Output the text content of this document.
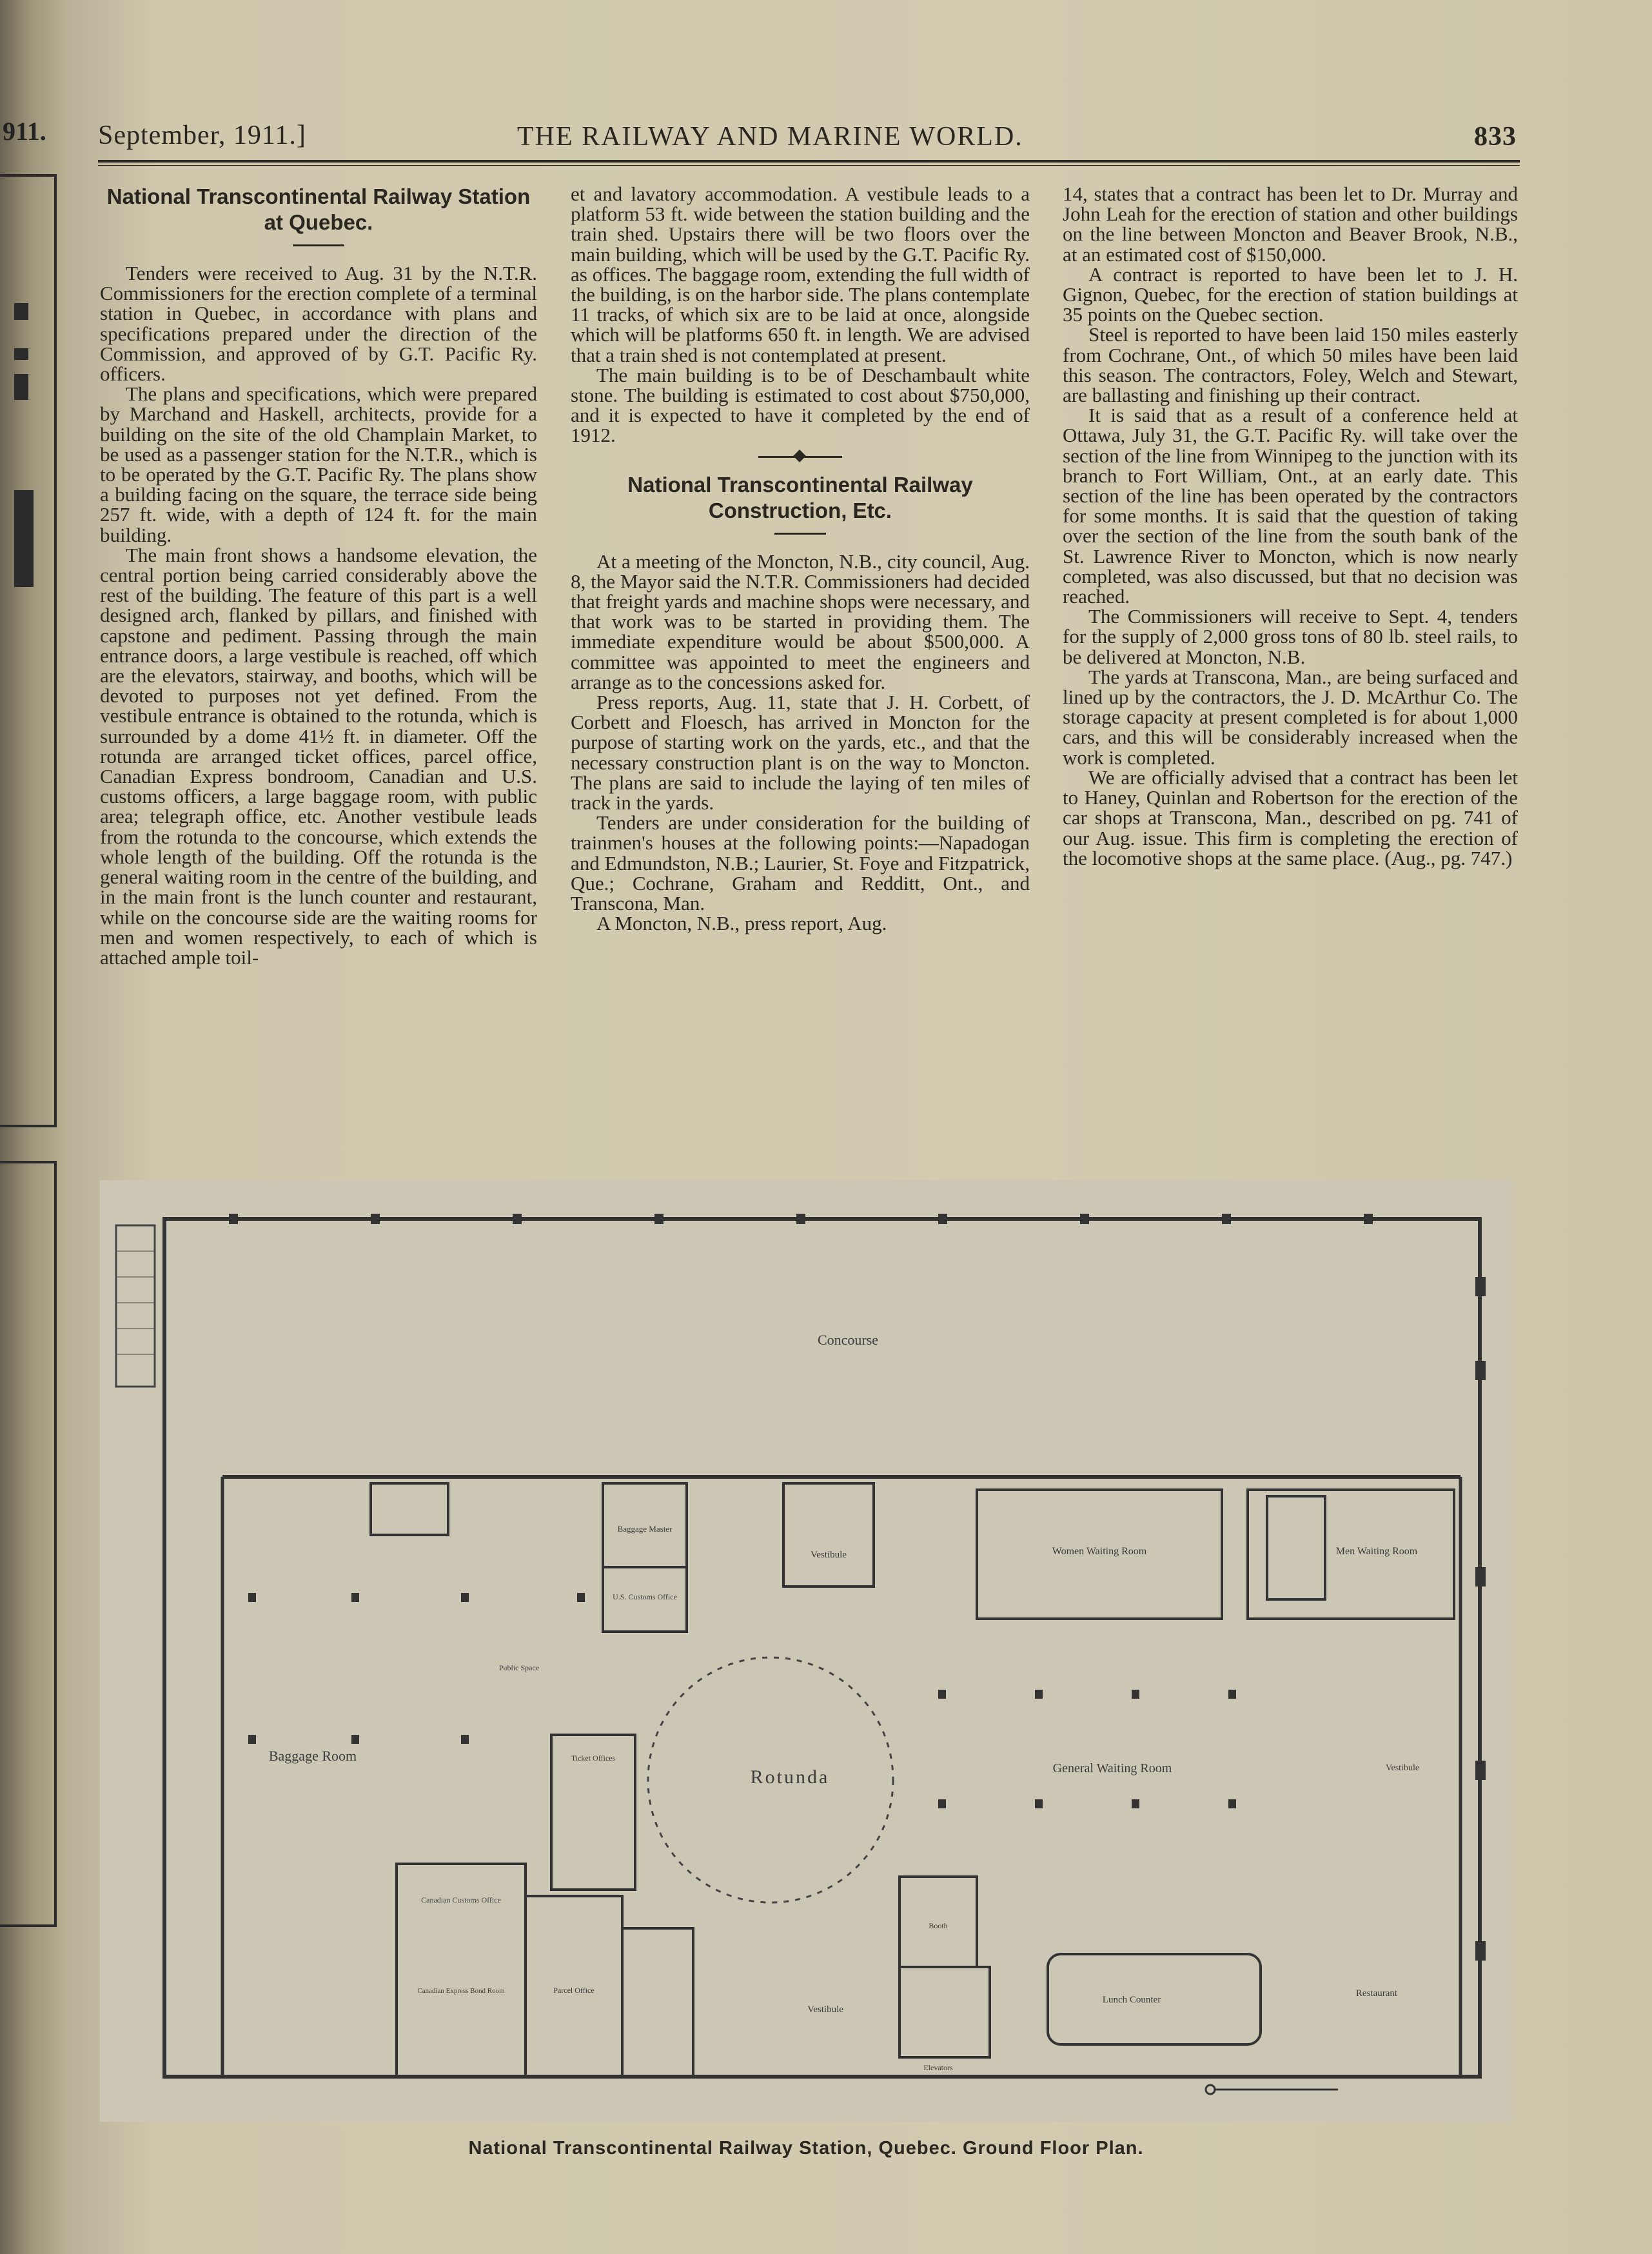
911. September, 1911.]	THE RAILWAY AND MARINE WORLD.	833
National Transcontinental Railway Station at Quebec.

Tenders were received to Aug. 31 by the N.T.R. Commissioners for the erection complete of a terminal station in Quebec, in accordance with plans and specifications prepared under the direction of the Commission, and approved of by G.T. Pacific Ry. officers.

The plans and specifications, which were prepared by Marchand and Haskell, architects, provide for a building on the site of the old Champlain Market, to be used as a passenger station for the N.T.R., which is to be operated by the G.T. Pacific Ry. The plans show a building facing on the square, the terrace side being 257 ft. wide, with a depth of 124 ft. for the main building.

The main front shows a handsome elevation, the central portion being carried considerably above the rest of the building. The feature of this part is a well designed arch, flanked by pillars, and finished with capstone and pediment. Passing through the main entrance doors, a large vestibule is reached, off which are the elevators, stairway, and booths, which will be devoted to purposes not yet defined. From the vestibule entrance is obtained to the rotunda, which is surrounded by a dome 41½ ft. in diameter. Off the rotunda are arranged ticket offices, parcel office, Canadian Express bondroom, Canadian and U.S. customs officers, a large baggage room, with public area; telegraph office, etc. Another vestibule leads from the rotunda to the concourse, which extends the whole length of the building. Off the rotunda is the general waiting room in the centre of the building, and in the main front is the lunch counter and restaurant, while on the concourse side are the waiting rooms for men and women respectively, to each of which is attached ample toil-

et and lavatory accommodation. A vestibule leads to a platform 53 ft. wide between the station building and the train shed. Upstairs there will be two floors over the main building, which will be used by the G.T. Pacific Ry. as offices. The baggage room, extending the full width of the building, is on the harbor side. The plans contemplate 11 tracks, of which six are to be laid at once, alongside which will be platforms 650 ft. in length. We are advised that a train shed is not contemplated at present.

The main building is to be of Deschambault white stone. The building is estimated to cost about $750,000, and it is expected to have it completed by the end of 1912.

National Transcontinental Railway Construction, Etc.

At a meeting of the Moncton, N.B., city council, Aug. 8, the Mayor said the N.T.R. Commissioners had decided that freight yards and machine shops were necessary, and that work was to be started in providing them. The immediate expenditure would be about $500,000. A committee was appointed to meet the engineers and arrange as to the concessions asked for.

Press reports, Aug. 11, state that J. H. Corbett, of Corbett and Floesch, has arrived in Moncton for the purpose of starting work on the yards, etc., and that the necessary construction plant is on the way to Moncton. The plans are said to include the laying of ten miles of track in the yards.

Tenders are under consideration for the building of trainmen's houses at the following points:—Napadogan and Edmundston, N.B.; Laurier, St. Foye and Fitzpatrick, Que.; Cochrane, Graham and Redditt, Ont., and Transcona, Man.

A Moncton, N.B., press report, Aug.

14, states that a contract has been let to Dr. Murray and John Leah for the erection of station and other buildings on the line between Moncton and Beaver Brook, N.B., at an estimated cost of $150,000.

A contract is reported to have been let to J. H. Gignon, Quebec, for the erection of station buildings at 35 points on the Quebec section.

Steel is reported to have been laid 150 miles easterly from Cochrane, Ont., of which 50 miles have been laid this season. The contractors, Foley, Welch and Stewart, are ballasting and finishing up their contract.

It is said that as a result of a conference held at Ottawa, July 31, the G.T. Pacific Ry. will take over the section of the line from Winnipeg to the junction with its branch to Fort William, Ont., at an early date. This section of the line has been operated by the contractors for some months. It is said that the question of taking over the section of the line from the south bank of the St. Lawrence River to Moncton, which is now nearly completed, was also discussed, but that no decision was reached.

The Commissioners will receive to Sept. 4, tenders for the supply of 2,000 gross tons of 80 lb. steel rails, to be delivered at Moncton, N.B.

The yards at Transcona, Man., are being surfaced and lined up by the contractors, the J. D. McArthur Co. The storage capacity at present completed is for about 1,000 cars, and this will be considerably increased when the work is completed.

We are officially advised that a contract has been let to Haney, Quinlan and Robertson for the erection of the car shops at Transcona, Man., described on pg. 741 of our Aug. issue. This firm is completing the erection of the locomotive shops at the same place. (Aug., pg. 747.)

Concourse
Rotunda
Baggage Room
General Waiting Room
Women Waiting Room	Men Waiting Room
Vestibule
Vestibule
Vestibule
Baggage Master
U.S. Customs Office
Canadian Customs Office
Canadian Express Bond Room	Parcel Office
Ticket Offices
Lunch Counter
Restaurant
Booth
Elevators
Public Space
National Transcontinental Railway Station, Quebec. Ground Floor Plan.
